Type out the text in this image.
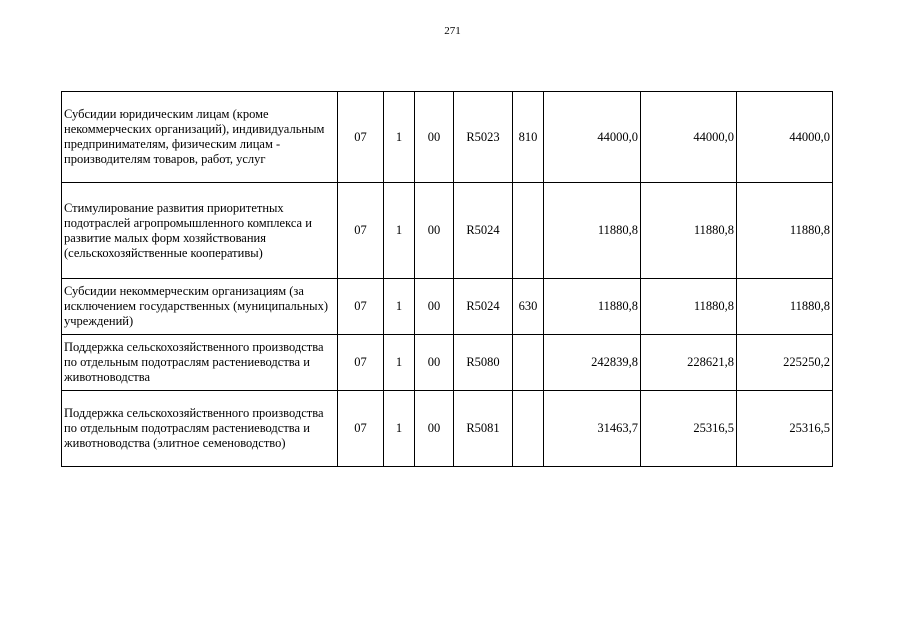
271
Субсидии юридическим лицам (кроме некоммерческих организаций), индивидуальным предпринимателям, физическим лицам - производителям товаров, работ, услуг	07	1	00	R5023	810	44000,0	44000,0	44000,0
Стимулирование развития приоритетных подотраслей агропромышленного комплекса и развитие малых форм хозяйствования (сельскохозяйственные кооперативы)	07	1	00	R5024		11880,8	11880,8	11880,8
Субсидии некоммерческим организациям (за исключением государственных (муниципальных) учреждений)	07	1	00	R5024	630	11880,8	11880,8	11880,8
Поддержка сельскохозяйственного производства по отдельным подотраслям растениеводства и животноводства	07	1	00	R5080		242839,8	228621,8	225250,2
Поддержка сельскохозяйственного производства по отдельным подотраслям растениеводства и животноводства (элитное семеноводство)	07	1	00	R5081		31463,7	25316,5	25316,5
